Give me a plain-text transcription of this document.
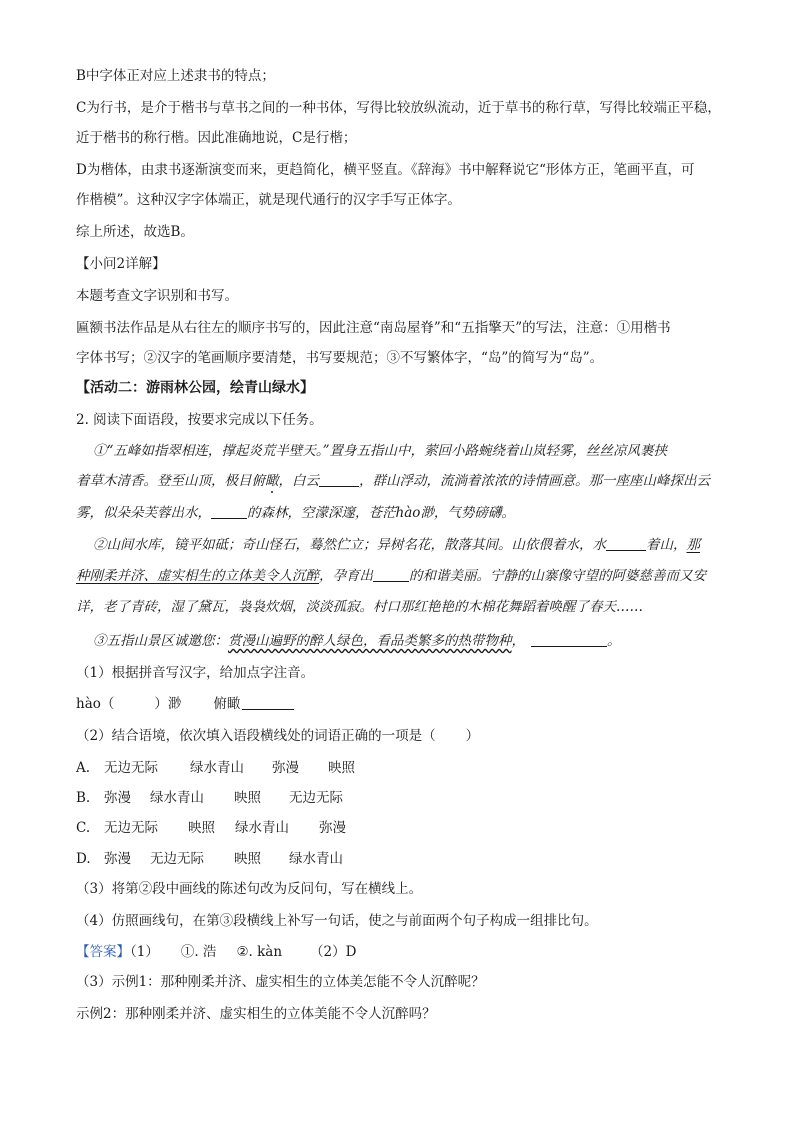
B中字体正对应上述隶书的特点；
C为行书，是介于楷书与草书之间的一种书体，写得比较放纵流动，近于草书的称行草，写得比较端正平稳，
近于楷书的称行楷。因此准确地说，C是行楷；
D为楷体，由隶书逐渐演变而来，更趋简化，横平竖直。《辞海》书中解释说它“形体方正，笔画平直，可
作楷模”。这种汉字字体端正，就是现代通行的汉字手写正体字。
综上所述，故选B。
【小问2详解】
本题考查文字识别和书写。
匾额书法作品是从右往左的顺序书写的，因此注意“南岛屋脊”和“五指擎天”的写法，注意：①用楷书
字体书写；②汉字的笔画顺序要清楚，书写要规范；③不写繁体字，“岛”的简写为“岛”。
【活动二：游雨林公园，绘青山绿水】
2. 阅读下面语段，按要求完成以下任务。
①“五峰如指翠相连，撑起炎荒半壁天。”置身五指山中，萦回小路蜿绕着山岚轻雾，丝丝凉风裹挟
着草木清香。登至山顶，极目俯瞰，白云	，群山浮动，流淌着浓浓的诗情画意。那一座座山峰探出云
雾，似朵朵芙蓉出水，	的森林，空濛深邃，苍茫hào渺，气势磅礴。
②山间水库，镜平如砥；奇山怪石，蓦然伫立；异树名花，散落其间。山依偎着水，水	着山，那
种刚柔并济、虚实相生的立体美令人沉醉，孕育出	的和谐美丽。宁静的山寨像守望的阿婆慈善而又安
详，老了青砖，湿了黛瓦，袅袅炊烟，淡淡孤寂。村口那红艳艳的木棉花舞蹈着唤醒了春天……
③五指山景区诚邀您：赏漫山遍野的醉人绿色，看品类繁多的热带物种，	。
（1）根据拼音写汉字，给加点字注音。
hào（	）渺 俯瞰
（2）结合语境，依次填入语段横线处的词语正确的一项是（ ）
A. 无边无际 绿水青山 弥漫 映照
B. 弥漫 绿水青山 映照 无边无际
C. 无边无际 映照 绿水青山 弥漫
D. 弥漫 无边无际 映照 绿水青山
（3）将第②段中画线的陈述句改为反问句，写在横线上。
（4）仿照画线句，在第③段横线上补写一句话，使之与前面两个句子构成一组排比句。
【答案】（1） ①. 浩 ②. kàn （2）D
（3）示例1：那种刚柔并济、虚实相生的立体美怎能不令人沉醉呢？
示例2：那种刚柔并济、虚实相生的立体美能不令人沉醉吗？
